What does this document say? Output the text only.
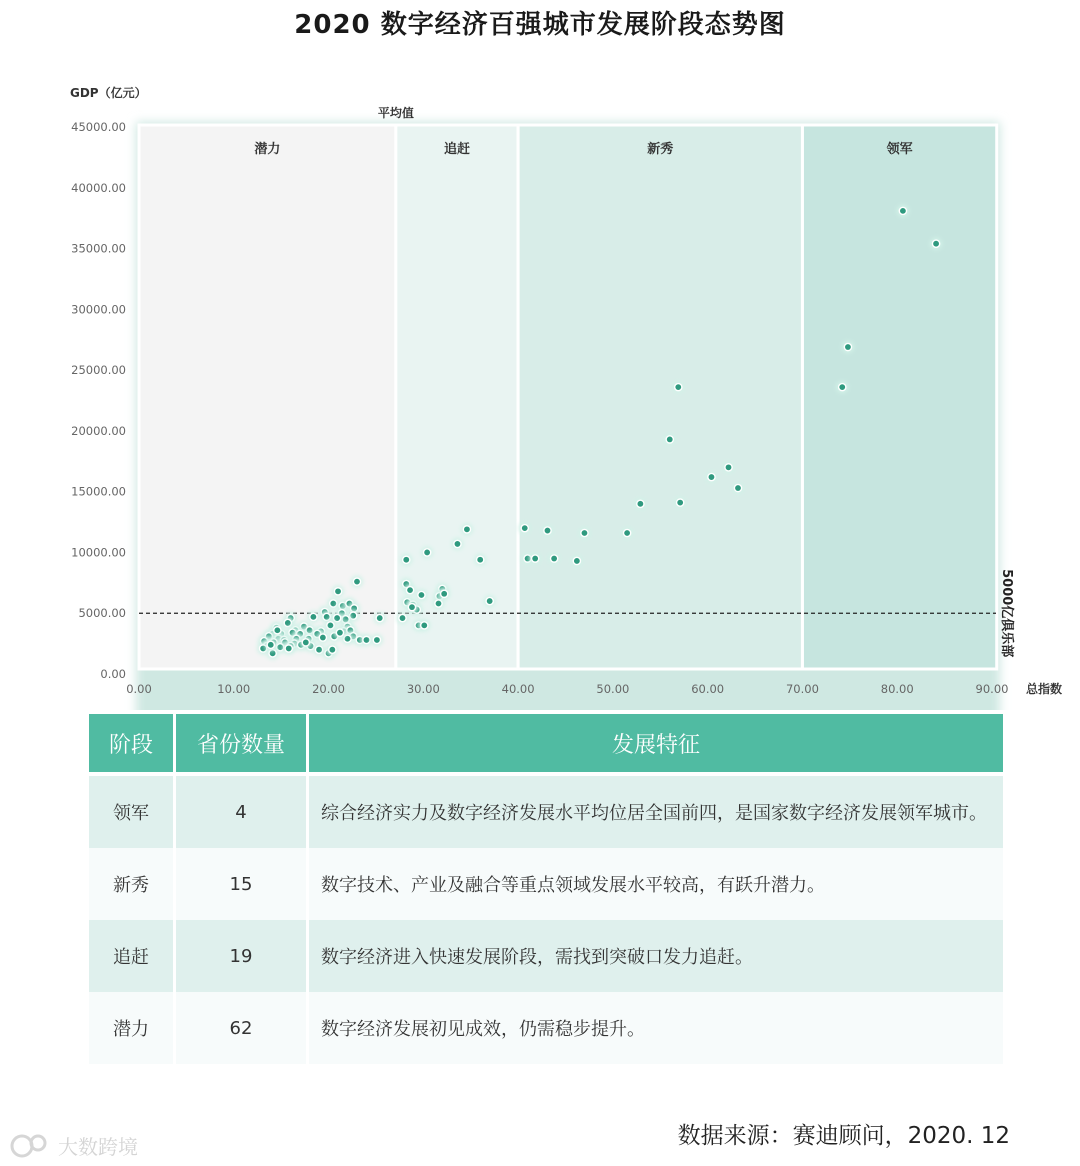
2020 数字经济百强城市发展阶段态势图
潜力	追赶	新秀	领军
0.00
5000.00
10000.00
15000.00
20000.00
25000.00
30000.00
35000.00
40000.00
45000.00
0.00	10.00	20.00	30.00	40.00	50.00	60.00	70.00	80.00	90.00
5000亿俱乐部
平均值
GDP（亿元）
总指数
阶段	省份数量	发展特征

领军	4	综合经济实力及数字经济发展水平均位居全国前四，是国家数字经济发展领军城市。
新秀	15	数字技术、产业及融合等重点领域发展水平较高，有跃升潜力。
追赶	19	数字经济进入快速发展阶段，需找到突破口发力追赶。
潜力	62	数字经济发展初见成效，仍需稳步提升。
数据来源：赛迪顾问，2020. 12
大数跨境
